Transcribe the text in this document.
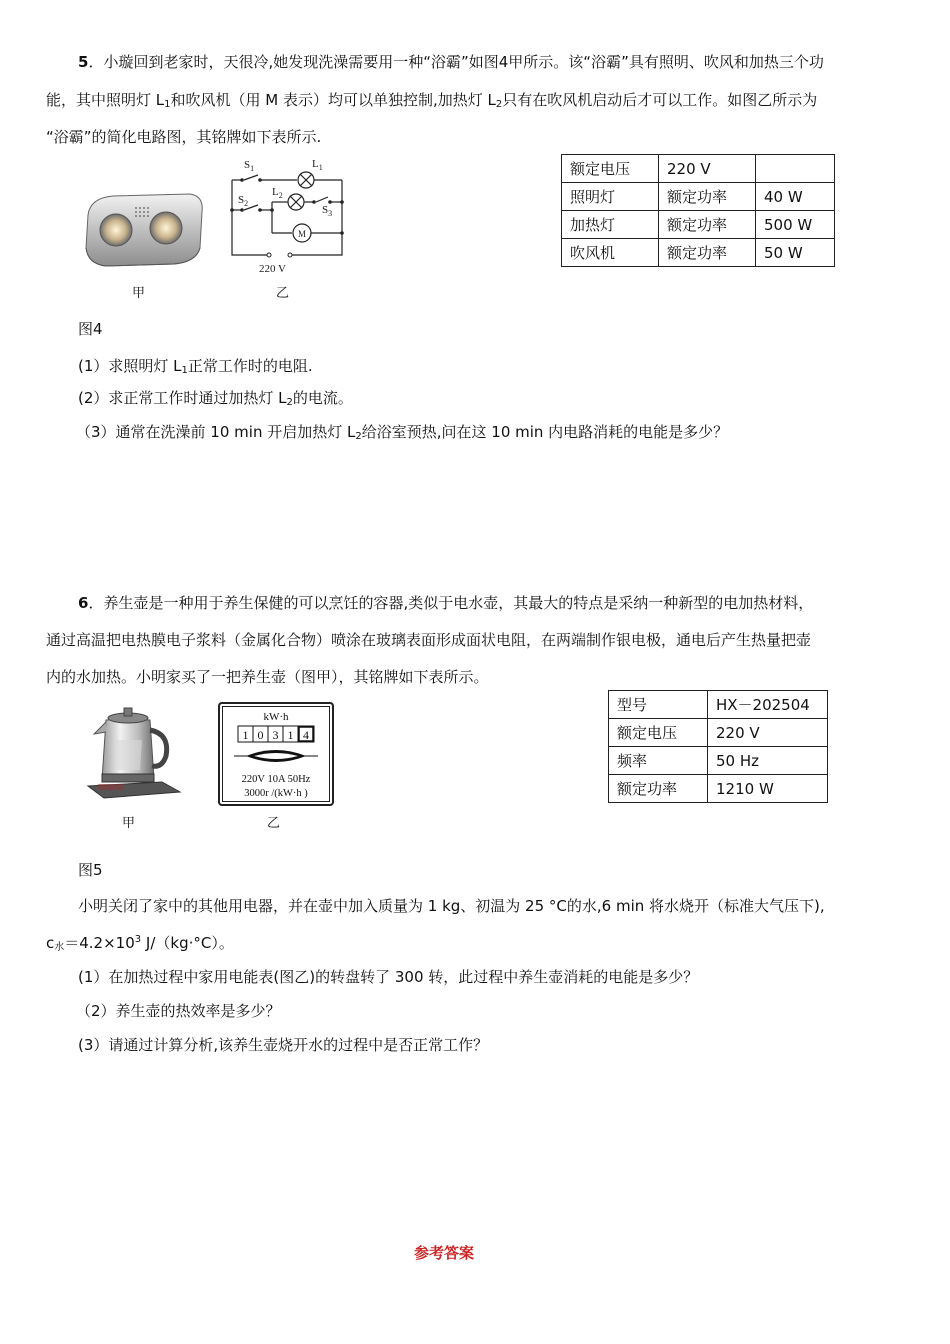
5．小璇回到老家时，天很冷,她发现洗澡需要用一种“浴霸”如图4甲所示。该“浴霸”具有照明、吹风和加热三个功
能，其中照明灯 $L_1$和吹风机（用 M 表示）均可以单独控制,加热灯 $L_2$只有在吹风机启动后才可以工作。如图乙所示为
“浴霸”的简化电路图，其铭牌如下表所示.
甲
$S_1$	$L_1$
$L_2$
$S_2$
$S_3$
M
220 V
乙
额定电压	220 V	
照明灯	额定功率	40 W
加热灯	额定功率	500 W
吹风机	额定功率	50 W
图4
(1）求照明灯 $L_1$正常工作时的电阻.
(2）求正常工作时通过加热灯 $L_2$的电流。
（3）通常在洗澡前 10 min 开启加热灯 $L_2$给浴室预热,问在这 10 min 内电路消耗的电能是多少？
6．养生壶是一种用于养生保健的可以烹饪的容器,类似于电水壶，其最大的特点是采纳一种新型的电加热材料，
通过高温把电热膜电子浆料（金属化合物）喷涂在玻璃表面形成面状电阻，在两端制作银电极，通电后产生热量把壶
内的水加热。小明家买了一把养生壶（图甲），其铭牌如下表所示。
甲
kW·h
1 0 3 1 4
220V 10A 50Hz
3000r /(kW·h )
乙
型号	HX－202504
额定电压	220 V
频率	50 Hz
额定功率	1210 W
图5
小明关闭了家中的其他用电器，并在壶中加入质量为 1 kg、初温为 25 °C的水,6 min 将水烧开（标准大气压下),
$c_水=4.2\times 10^3$ J/（kg·°C）。
(1）在加热过程中家用电能表(图乙)的转盘转了 300 转，此过程中养生壶消耗的电能是多少？
（2）养生壶的热效率是多少？
(3）请通过计算分析,该养生壶烧开水的过程中是否正常工作？
参考答案
